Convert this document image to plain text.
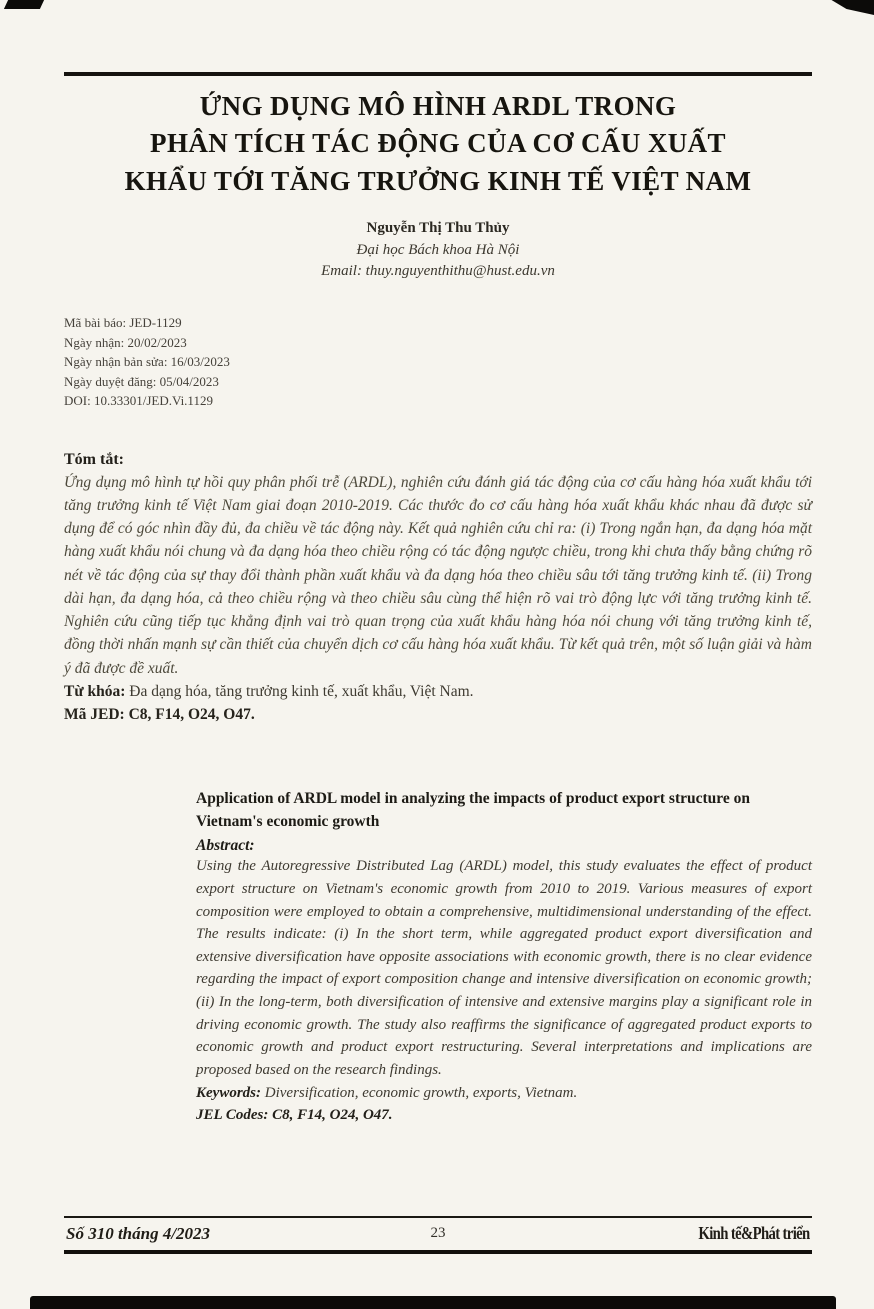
ỨNG DỤNG MÔ HÌNH ARDL TRONG
PHÂN TÍCH TÁC ĐỘNG CỦA CƠ CẤU XUẤT
KHẨU TỚI TĂNG TRƯỞNG KINH TẾ VIỆT NAM
Nguyễn Thị Thu Thủy
Đại học Bách khoa Hà Nội
Email: thuy.nguyenthithu@hust.edu.vn
Mã bài báo: JED-1129
Ngày nhận: 20/02/2023
Ngày nhận bản sửa: 16/03/2023
Ngày duyệt đăng: 05/04/2023
DOI: 10.33301/JED.Vi.1129
Tóm tắt:
Ứng dụng mô hình tự hồi quy phân phối trễ (ARDL), nghiên cứu đánh giá tác động của cơ cấu hàng hóa xuất khẩu tới tăng trưởng kinh tế Việt Nam giai đoạn 2010-2019. Các thước đo cơ cấu hàng hóa xuất khẩu khác nhau đã được sử dụng để có góc nhìn đầy đủ, đa chiều về tác động này. Kết quả nghiên cứu chỉ ra: (i) Trong ngắn hạn, đa dạng hóa mặt hàng xuất khẩu nói chung và đa dạng hóa theo chiều rộng có tác động ngược chiều, trong khi chưa thấy bằng chứng rõ nét về tác động của sự thay đổi thành phần xuất khẩu và đa dạng hóa theo chiều sâu tới tăng trưởng kinh tế. (ii) Trong dài hạn, đa dạng hóa, cả theo chiều rộng và theo chiều sâu cùng thể hiện rõ vai trò động lực với tăng trưởng kinh tế. Nghiên cứu cũng tiếp tục khẳng định vai trò quan trọng của xuất khẩu hàng hóa nói chung với tăng trưởng kinh tế, đồng thời nhấn mạnh sự cần thiết của chuyển dịch cơ cấu hàng hóa xuất khẩu. Từ kết quả trên, một số luận giải và hàm ý đã được đề xuất.
Từ khóa: Đa dạng hóa, tăng trưởng kinh tế, xuất khẩu, Việt Nam.
Mã JED: C8, F14, O24, O47.
Application of ARDL model in analyzing the impacts of product export structure on Vietnam's economic growth
Abstract:
Using the Autoregressive Distributed Lag (ARDL) model, this study evaluates the effect of product export structure on Vietnam's economic growth from 2010 to 2019. Various measures of export composition were employed to obtain a comprehensive, multidimensional understanding of the effect. The results indicate: (i) In the short term, while aggregated product export diversification and extensive diversification have opposite associations with economic growth, there is no clear evidence regarding the impact of export composition change and intensive diversification on economic growth; (ii) In the long-term, both diversification of intensive and extensive margins play a significant role in driving economic growth. The study also reaffirms the significance of aggregated product exports to economic growth and product export restructuring. Several interpretations and implications are proposed based on the research findings.
Keywords: Diversification, economic growth, exports, Vietnam.
JEL Codes: C8, F14, O24, O47.
Số 310 tháng 4/2023	23	Kinh tế&Phát triển
